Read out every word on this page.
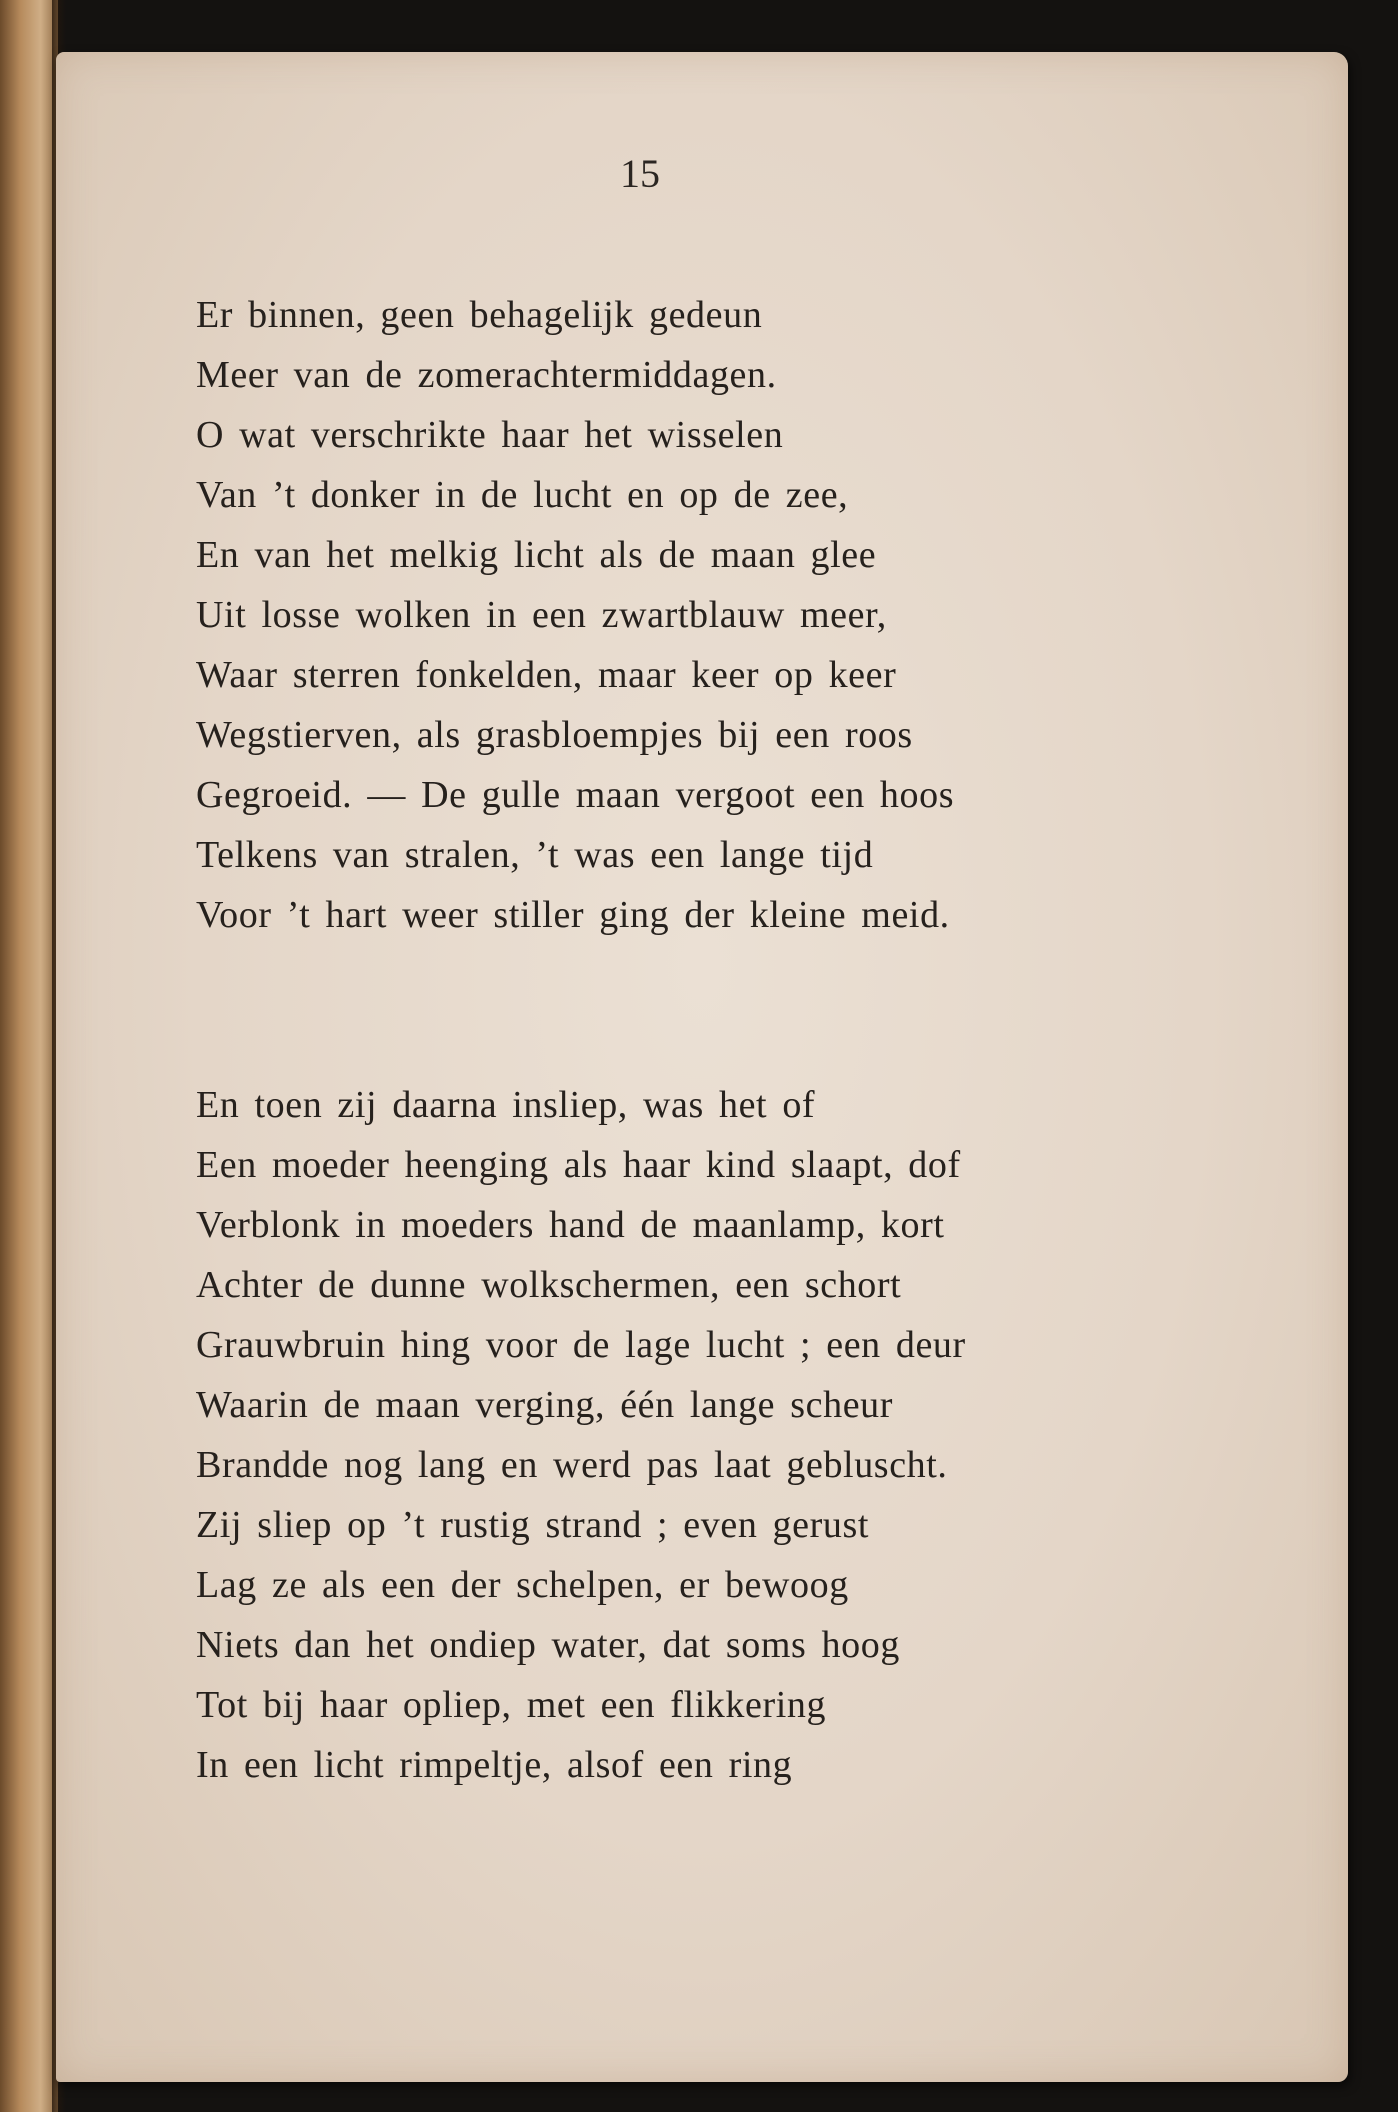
15
Er binnen, geen behagelijk gedeun
Meer van de zomerachtermiddagen.
O wat verschrikte haar het wisselen
Van ’t donker in de lucht en op de zee,
En van het melkig licht als de maan glee
Uit losse wolken in een zwartblauw meer,
Waar sterren fonkelden, maar keer op keer
Wegstierven, als grasbloempjes bij een roos
Gegroeid. — De gulle maan vergoot een hoos
Telkens van stralen, ’t was een lange tijd
Voor ’t hart weer stiller ging der kleine meid.
En toen zij daarna insliep, was het of
Een moeder heenging als haar kind slaapt, dof
Verblonk in moeders hand de maanlamp, kort
Achter de dunne wolkschermen, een schort
Grauwbruin hing voor de lage lucht ; een deur
Waarin de maan verging, één lange scheur
Brandde nog lang en werd pas laat gebluscht.
Zij sliep op ’t rustig strand ; even gerust
Lag ze als een der schelpen, er bewoog
Niets dan het ondiep water, dat soms hoog
Tot bij haar opliep, met een flikkering
In een licht rimpeltje, alsof een ring
